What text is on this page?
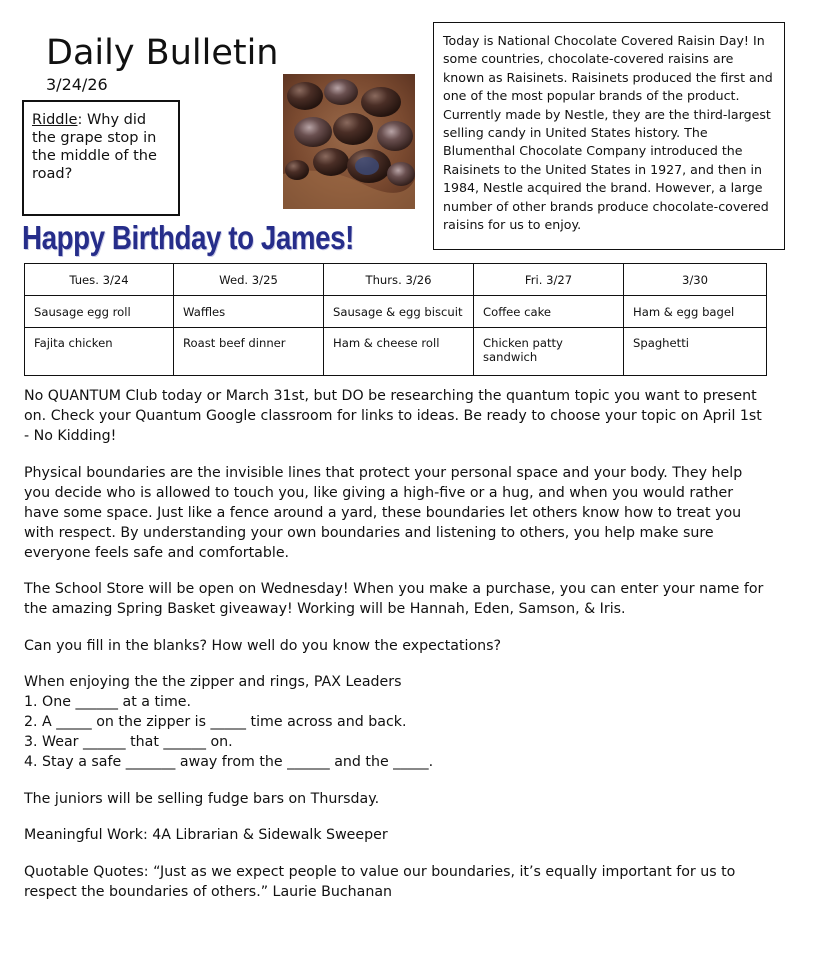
Daily Bulletin
3/24/26
Riddle: Why did the grape stop in the middle of the road?
Today is National Chocolate Covered Raisin Day! In some countries, chocolate-covered raisins are known as Raisinets. Raisinets produced the first and one of the most popular brands of the product. Currently made by Nestle, they are the third-largest selling candy in United States history. The Blumenthal Chocolate Company introduced the Raisinets to the United States in 1927, and then in 1984, Nestle acquired the brand. However, a large number of other brands produce chocolate-covered raisins for us to enjoy.
Happy Birthday to James!
Tues. 3/24	Wed. 3/25	Thurs. 3/26	Fri. 3/27	3/30
Sausage egg roll	Waffles	Sausage & egg biscuit	Coffee cake	Ham & egg bagel
Fajita chicken	Roast beef dinner	Ham & cheese roll	Chicken patty sandwich	Spaghetti

No QUANTUM Club today or March 31st, but DO be researching the quantum topic you want to present on. Check your Quantum Google classroom for links to ideas. Be ready to choose your topic on April 1st - No Kidding!

Physical boundaries are the invisible lines that protect your personal space and your body. They help you decide who is allowed to touch you, like giving a high-five or a hug, and when you would rather have some space. Just like a fence around a yard, these boundaries let others know how to treat you with respect. By understanding your own boundaries and listening to others, you help make sure everyone feels safe and comfortable.

The School Store will be open on Wednesday! When you make a purchase, you can enter your name for the amazing Spring Basket giveaway! Working will be Hannah, Eden, Samson, & Iris.

Can you fill in the blanks? How well do you know the expectations?

When enjoying the the zipper and rings, PAX Leaders
1. One ______ at a time.
2. A _____ on the zipper is _____ time across and back.
3. Wear ______ that ______ on.
4. Stay a safe _______ away from the ______ and the _____.

The juniors will be selling fudge bars on Thursday.

Meaningful Work: 4A Librarian & Sidewalk Sweeper

Quotable Quotes: “Just as we expect people to value our boundaries, it’s equally important for us to respect the boundaries of others.” Laurie Buchanan
